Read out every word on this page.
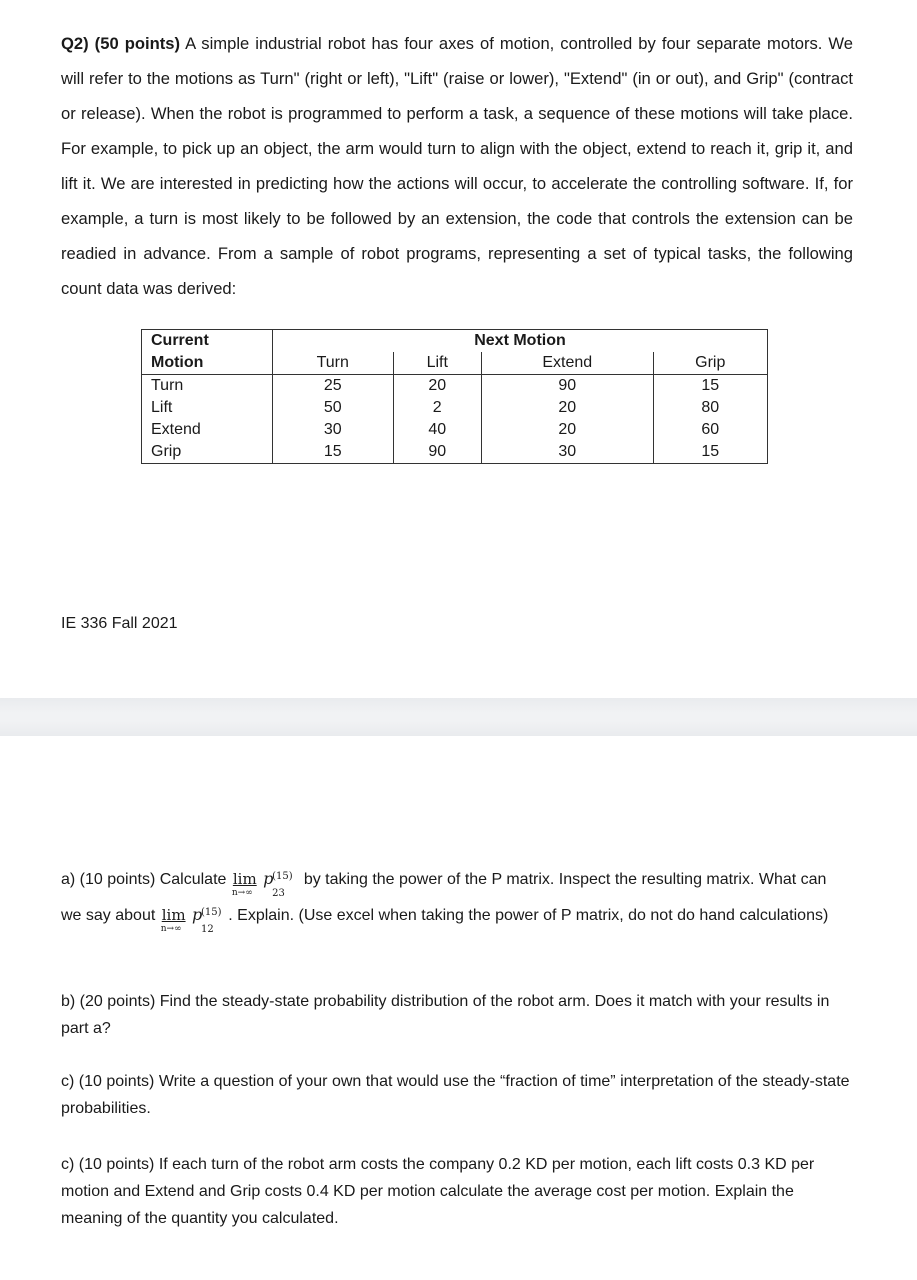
Q2) (50 points) A simple industrial robot has four axes of motion, controlled by four separate motors. We will refer to the motions as Turn" (right or left), "Lift" (raise or lower), "Extend" (in or out), and Grip" (contract or release). When the robot is programmed to perform a task, a sequence of these motions will take place. For example, to pick up an object, the arm would turn to align with the object, extend to reach it, grip it, and lift it. We are interested in predicting how the actions will occur, to accelerate the controlling software. If, for example, a turn is most likely to be followed by an extension, the code that controls the extension can be readied in advance. From a sample of robot programs, representing a set of typical tasks, the following count data was derived:

Current	Next Motion			
Motion	Turn	Lift	Extend	Grip
Turn	25	20	90	15
Lift	50	2	20	80
Extend	30	40	20	60
Grip	15	90	30	15

IE 336 Fall 2021

a) (10 points) Calculate lim
n→∞
p
(15)
23
by taking the power of the P matrix. Inspect the resulting matrix. What can we say about lim
n→∞
p
(15)
12
. Explain. (Use excel when taking the power of P matrix, do not do hand calculations)

b) (20 points) Find the steady-state probability distribution of the robot arm. Does it match with your results in part a?

c) (10 points) Write a question of your own that would use the “fraction of time” interpretation of the steady-state probabilities.

c) (10 points) If each turn of the robot arm costs the company 0.2 KD per motion, each lift costs 0.3 KD per motion and Extend and Grip costs 0.4 KD per motion calculate the average cost per motion. Explain the meaning of the quantity you calculated.
